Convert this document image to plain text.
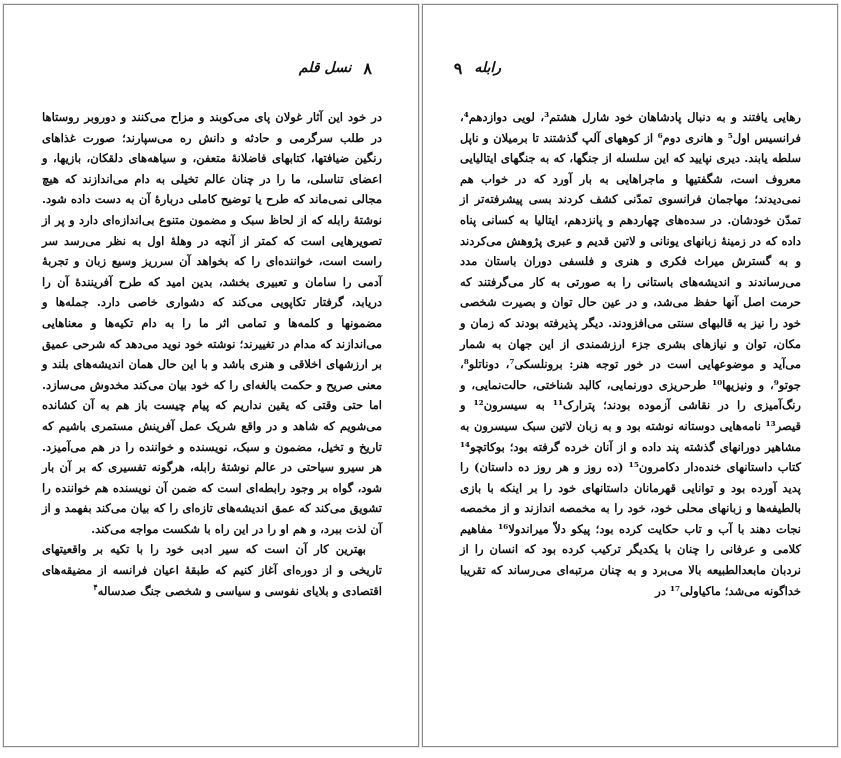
۸
نسل قلم

در خود این آثار غولان پای می‌کوبند و مزاح می‌کنند و دوروبر روستاها در طلب سرگرمی و حادثه و دانش ره می‌سپارند؛ صورت غذاهای رنگین ضیافتها، کتابهای فاضلانهٔ متعفن، و سیاهه‌های دلقکان، بازیها، و اعضای تناسلی، ما را در چنان عالم تخیلی به دام می‌اندازند که هیچ مجالی نمی‌ماند که طرح یا توضیح کاملی دربارهٔ آن به دست داده شود. نوشتهٔ رابله که از لحاظ سبک و مضمون متنوع بی‌اندازه‌ای دارد و پر از تصویرهایی است که کمتر از آنچه در وهلهٔ اول به نظر می‌رسد سر راست است، خواننده‌ای را که بخواهد آن سرریز وسیع زبان و تجربهٔ آدمی را سامان و تعبیری بخشد، بدین امید که طرح آفرینندهٔ آن را دریابد، گرفتار تکاپویی می‌کند که دشواری خاصی دارد. جمله‌ها و مضمونها و کلمه‌ها و تمامی اثر ما را به دام تکیه‌ها و معناهایی می‌اندازند که مدام در تغییرند؛ نوشته خود نوید می‌دهد که شرحی عمیق بر ارزشهای اخلاقی و هنری باشد و با این حال همان اندیشه‌های بلند و معنی صریح و حکمت بالغه‌ای را که خود بیان می‌کند مخدوش می‌سازد. اما حتی وقتی که یقین نداریم که پیام چیست باز هم به آن کشانده می‌شویم که شاهد و در واقع شریک عمل آفرینش مستمری باشیم که تاریخ و تخیل، مضمون و سبک، نویسنده و خواننده را در هم می‌آمیزد. هر سیرو سیاحتی در عالم نوشتهٔ رابله، هرگونه تفسیری که بر آن بار شود، گواه بر وجود رابطه‌ای است که ضمن آن نویسنده هم خواننده را تشویق می‌کند که عمق اندیشه‌های تازه‌ای را که بیان می‌کند بفهمد و از آن لذت ببرد، و هم او را در این راه با شکست مواجه می‌کند.

بهترین کار آن است که سیر ادبی خود را با تکیه بر واقعیتهای تاریخی و از دوره‌ای آغاز کنیم که طبقهٔ اعیان فرانسه از مضیقه‌های اقتصادی و بلایای نفوسی و سیاسی و شخصی جنگ صدساله$^۴$

رابله
۹

رهایی یافتند و به دنبال پادشاهان خود شارل هشتم³، لویی دوازدهم⁴، فرانسیس اول⁵ و هانری دوم⁶ از کوههای آلپ گذشتند تا برمیلان و ناپل سلطه یابند. دیری نپایید که این سلسله از جنگها، که به جنگهای ایتالیایی معروف است، شگفتیها و ماجراهایی به بار آورد که در خواب هم نمی‌دیدند؛ مهاجمان فرانسوی تمدّنی کشف کردند بسی پیشرفته‌تر از تمدّن خودشان. در سده‌های چهاردهم و پانزدهم، ایتالیا به کسانی پناه داده که در زمینهٔ زبانهای یونانی و لاتین قدیم و عبری پژوهش می‌کردند و به گسترش میراث فکری و هنری و فلسفی دوران باستان مدد می‌رساندند و اندیشه‌های باستانی را به صورتی به کار می‌گرفتند که حرمت اصل آنها حفظ می‌شد، و در عین حال توان و بصیرت شخصی خود را نیز به قالبهای سنتی می‌افزودند. دیگر پذیرفته بودند که زمان و مکان، توان و نیازهای بشری جزء ارزشمندی از این جهان به شمار می‌آید و موضوعهایی است در خور توجه هنر: برونلسکی⁷، دوناتلو⁸، جوتو⁹، و ونیزیها¹⁰ طرحریزی دورنمایی، کالبد شناختی، حالت‌نمایی، و رنگ‌آمیزی را در نقاشی آزموده بودند؛ پترارک¹¹ به سیسرون¹² و قیصر¹³ نامه‌هایی دوستانه نوشته بود و به زبان لاتین سبک سیسرون به مشاهیر دورانهای گذشته پند داده و از آنان خرده گرفته بود؛ بوکاتچو¹⁴ کتاب داستانهای خنده‌دار دکامرون¹⁵ (ده روز و هر روز ده داستان) را پدید آورده بود و توانایی قهرمانان داستانهای خود را بر اینکه با بازی بالطیفه‌ها و زبانهای محلی خود، خود را به مخمصه اندازند و از مخمصه نجات دهند با آب و تاب حکایت کرده بود؛ پیکو دلاّ میراندولا¹⁶ مفاهیم کلامی و عرفانی را چنان با یکدیگر ترکیب کرده بود که انسان را از نردبان مابعدالطبیعه بالا می‌برد و به چنان مرتبه‌ای می‌رساند که تقریبا خداگونه می‌شد؛ ماکیاولی¹⁷ در
